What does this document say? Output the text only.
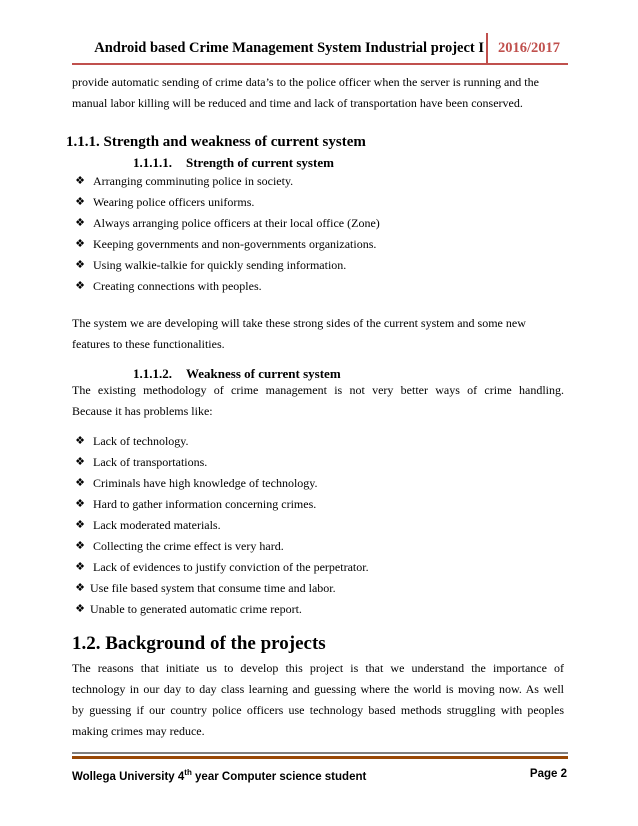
Android based Crime Management System Industrial project I 2016/2017
provide automatic sending of crime data’s to the police officer when the server is running and the
manual labor killing will be reduced and time and lack of transportation have been conserved.
1.1.1. Strength and weakness of current system
1.1.1.1. Strength of current system
❖ Arranging comminuting police in society.
❖ Wearing police officers uniforms.
❖ Always arranging police officers at their local office (Zone)
❖ Keeping governments and non-governments organizations.
❖ Using walkie-talkie for quickly sending information.
❖ Creating connections with peoples.
The system we are developing will take these strong sides of the current system and some new
features to these functionalities.
1.1.1.2. Weakness of current system
The existing methodology of crime management is not very better ways of crime handling.
Because it has problems like:
❖ Lack of technology.
❖ Lack of transportations.
❖ Criminals have high knowledge of technology.
❖ Hard to gather information concerning crimes.
❖ Lack moderated materials.
❖ Collecting the crime effect is very hard.
❖ Lack of evidences to justify conviction of the perpetrator.
❖ Use file based system that consume time and labor.
❖ Unable to generated automatic crime report.
1.2. Background of the projects
The reasons that initiate us to develop this project is that we understand the importance of
technology in our day to day class learning and guessing where the world is moving now. As well
by guessing if our country police officers use technology based methods struggling with peoples
making crimes may reduce.
Wollega University 4th year Computer science student	Page 2
